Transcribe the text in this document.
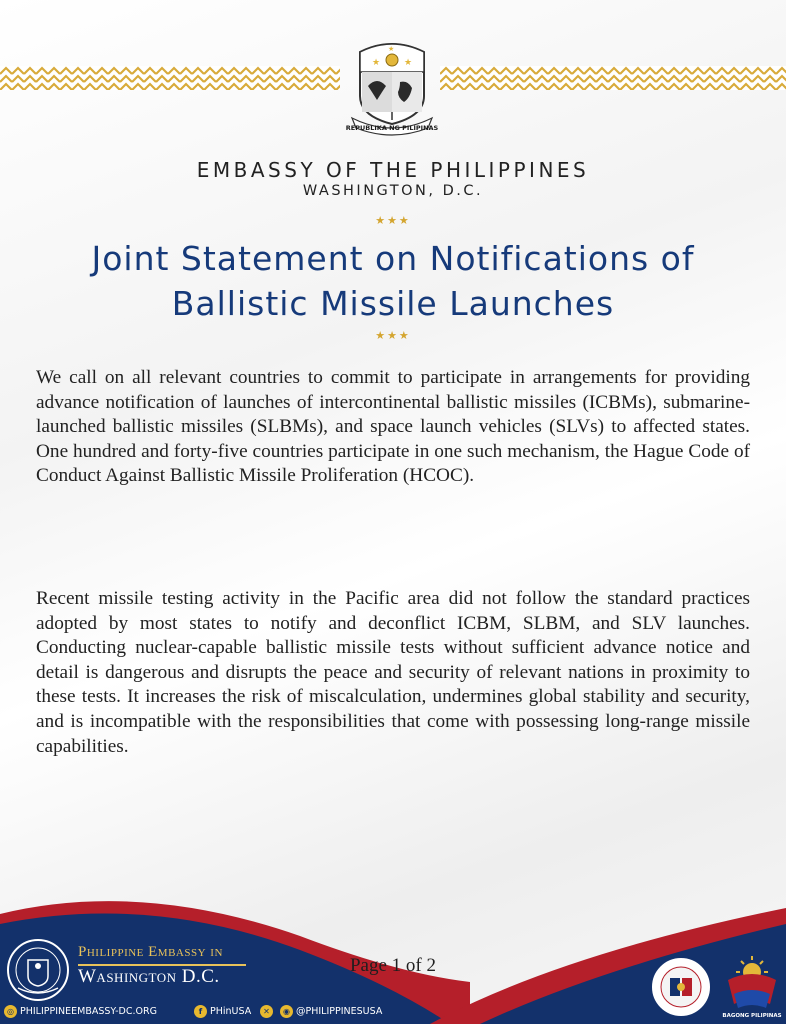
★	★
★
REPUBLIKA NG PILIPINAS
EMBASSY OF THE PHILIPPINES
WASHINGTON, D.C.
★★★
Joint Statement on Notifications of
Ballistic Missile Launches
★★★

We call on all relevant countries to commit to participate in arrangements for providing advance notification of launches of intercontinental ballistic missiles (ICBMs), submarine-launched ballistic missiles (SLBMs), and space launch vehicles (SLVs) to affected states. One hundred and forty-five countries participate in one such mechanism, the Hague Code of Conduct Against Ballistic Missile Proliferation (HCOC).

Recent missile testing activity in the Pacific area did not follow the standard practices adopted by most states to notify and deconflict ICBM, SLBM, and SLV launches. Conducting nuclear-capable ballistic missile tests without sufficient advance notice and detail is dangerous and disrupts the peace and security of relevant nations in proximity to these tests. It increases the risk of miscalculation, undermines global stability and security, and is incompatible with the responsibilities that come with possessing long-range missile capabilities.

Page 1 of 2
Philippine Embassy in
Washington D.C.
◎ PHILIPPINEEMBASSY-DC.ORG	f PHinUSA	✕	◉ @PHILIPPINESUSA	BAGONG PILIPINAS
